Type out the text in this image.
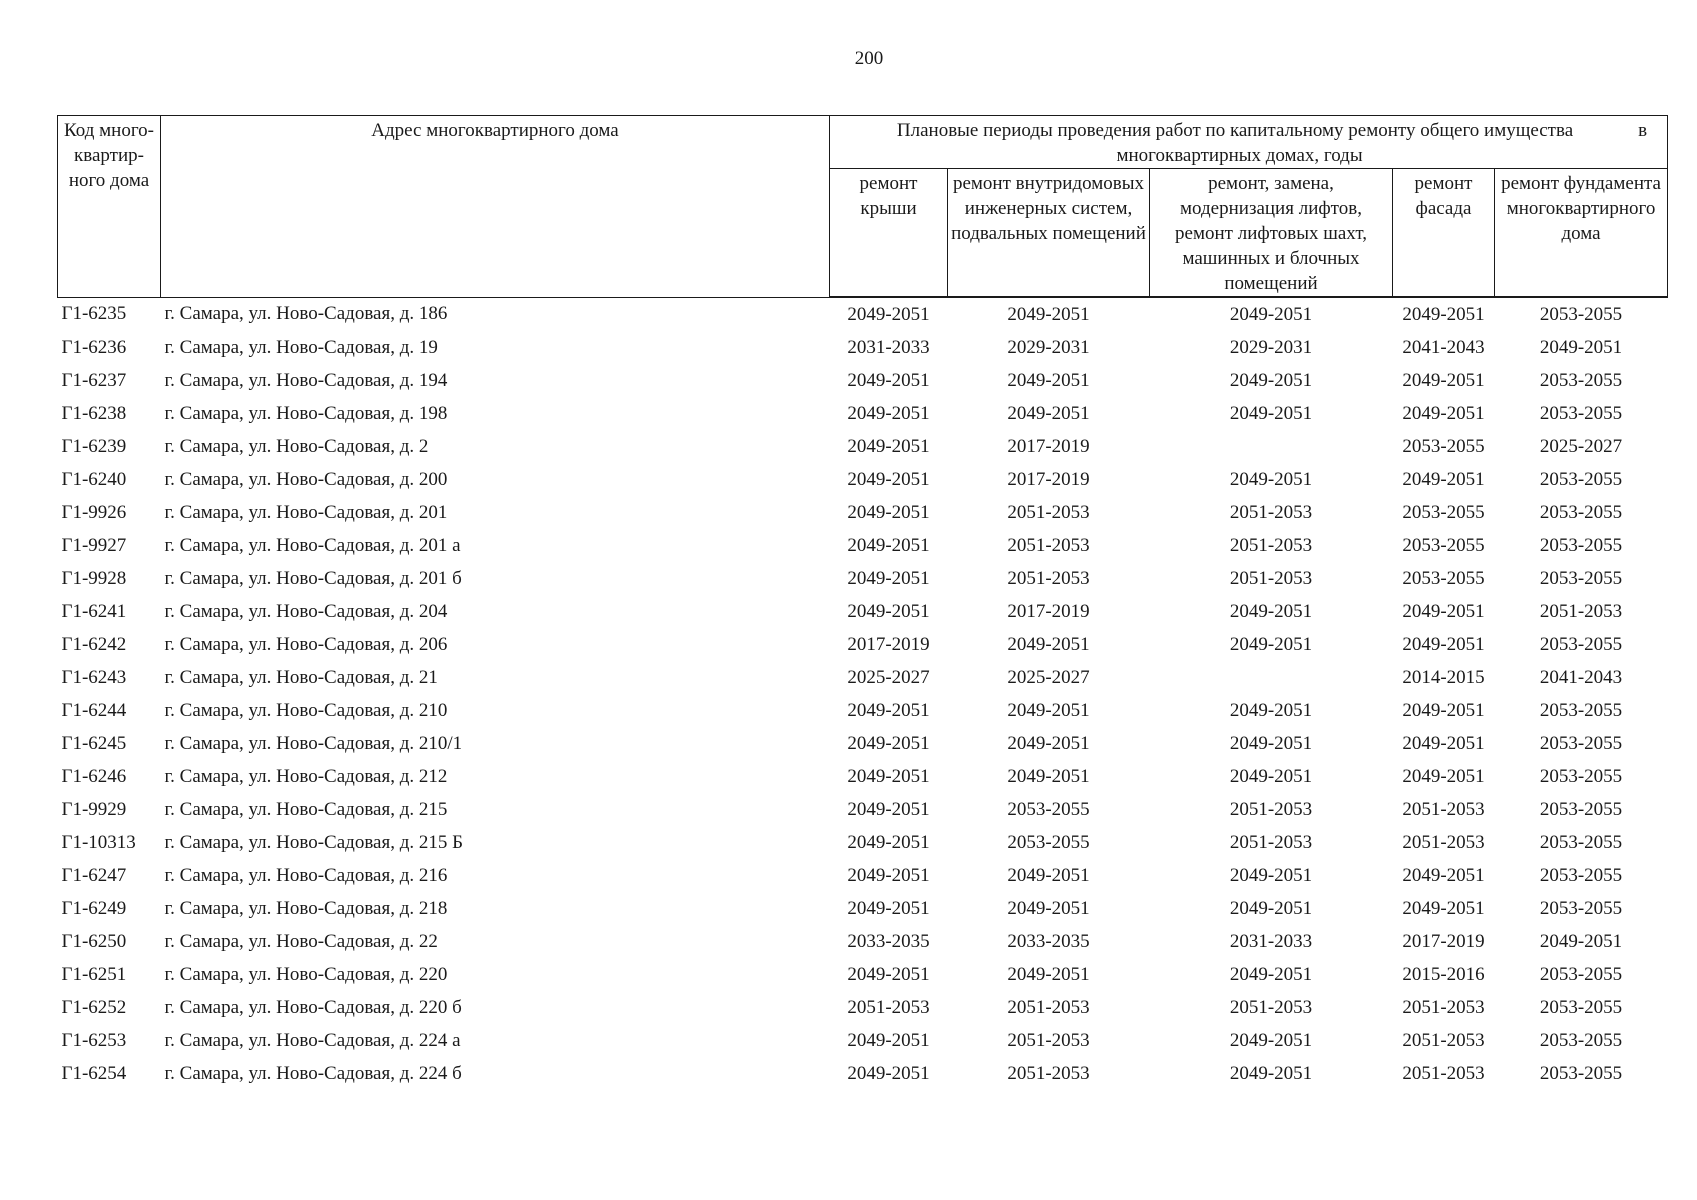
200
Код много-квартир-ного дома	Адрес многоквартирного дома	в
Плановые периоды проведения работ по капитальному ремонту общего имущества
многоквартирных домах, годы				
		ремонт крыши	ремонт внутридомовых инженерных систем, подвальных помещений	ремонт, замена, модернизация лифтов, ремонт лифтовых шахт, машинных и блочных помещений	ремонт фасада	ремонт фундамента многоквартирного дома
Г1-6235	г. Самара, ул. Ново-Садовая, д. 186	2049-2051	2049-2051	2049-2051	2049-2051	2053-2055
Г1-6236	г. Самара, ул. Ново-Садовая, д. 19	2031-2033	2029-2031	2029-2031	2041-2043	2049-2051
Г1-6237	г. Самара, ул. Ново-Садовая, д. 194	2049-2051	2049-2051	2049-2051	2049-2051	2053-2055
Г1-6238	г. Самара, ул. Ново-Садовая, д. 198	2049-2051	2049-2051	2049-2051	2049-2051	2053-2055
Г1-6239	г. Самара, ул. Ново-Садовая, д. 2	2049-2051	2017-2019		2053-2055	2025-2027
Г1-6240	г. Самара, ул. Ново-Садовая, д. 200	2049-2051	2017-2019	2049-2051	2049-2051	2053-2055
Г1-9926	г. Самара, ул. Ново-Садовая, д. 201	2049-2051	2051-2053	2051-2053	2053-2055	2053-2055
Г1-9927	г. Самара, ул. Ново-Садовая, д. 201 а	2049-2051	2051-2053	2051-2053	2053-2055	2053-2055
Г1-9928	г. Самара, ул. Ново-Садовая, д. 201 б	2049-2051	2051-2053	2051-2053	2053-2055	2053-2055
Г1-6241	г. Самара, ул. Ново-Садовая, д. 204	2049-2051	2017-2019	2049-2051	2049-2051	2051-2053
Г1-6242	г. Самара, ул. Ново-Садовая, д. 206	2017-2019	2049-2051	2049-2051	2049-2051	2053-2055
Г1-6243	г. Самара, ул. Ново-Садовая, д. 21	2025-2027	2025-2027		2014-2015	2041-2043
Г1-6244	г. Самара, ул. Ново-Садовая, д. 210	2049-2051	2049-2051	2049-2051	2049-2051	2053-2055
Г1-6245	г. Самара, ул. Ново-Садовая, д. 210/1	2049-2051	2049-2051	2049-2051	2049-2051	2053-2055
Г1-6246	г. Самара, ул. Ново-Садовая, д. 212	2049-2051	2049-2051	2049-2051	2049-2051	2053-2055
Г1-9929	г. Самара, ул. Ново-Садовая, д. 215	2049-2051	2053-2055	2051-2053	2051-2053	2053-2055
Г1-10313	г. Самара, ул. Ново-Садовая, д. 215 Б	2049-2051	2053-2055	2051-2053	2051-2053	2053-2055
Г1-6247	г. Самара, ул. Ново-Садовая, д. 216	2049-2051	2049-2051	2049-2051	2049-2051	2053-2055
Г1-6249	г. Самара, ул. Ново-Садовая, д. 218	2049-2051	2049-2051	2049-2051	2049-2051	2053-2055
Г1-6250	г. Самара, ул. Ново-Садовая, д. 22	2033-2035	2033-2035	2031-2033	2017-2019	2049-2051
Г1-6251	г. Самара, ул. Ново-Садовая, д. 220	2049-2051	2049-2051	2049-2051	2015-2016	2053-2055
Г1-6252	г. Самара, ул. Ново-Садовая, д. 220 б	2051-2053	2051-2053	2051-2053	2051-2053	2053-2055
Г1-6253	г. Самара, ул. Ново-Садовая, д. 224 а	2049-2051	2051-2053	2049-2051	2051-2053	2053-2055
Г1-6254	г. Самара, ул. Ново-Садовая, д. 224 б	2049-2051	2051-2053	2049-2051	2051-2053	2053-2055
